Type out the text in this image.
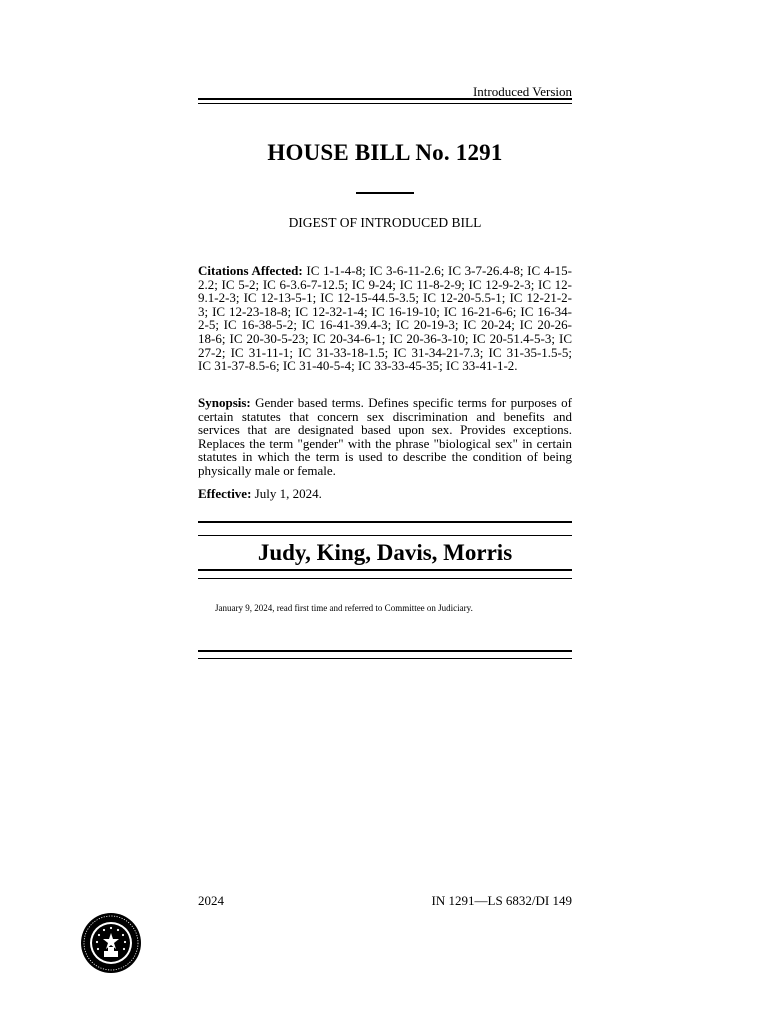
Introduced Version
HOUSE BILL No. 1291
DIGEST OF INTRODUCED BILL
Citations Affected: IC 1-1-4-8; IC 3-6-11-2.6; IC 3-7-26.4-8; IC 4-15-2.2; IC 5-2; IC 6-3.6-7-12.5; IC 9-24; IC 11-8-2-9; IC 12-9-2-3; IC 12-9.1-2-3; IC 12-13-5-1; IC 12-15-44.5-3.5; IC 12-20-5.5-1; IC 12-21-2-3; IC 12-23-18-8; IC 12-32-1-4; IC 16-19-10; IC 16-21-6-6; IC 16-34-2-5; IC 16-38-5-2; IC 16-41-39.4-3; IC 20-19-3; IC 20-24; IC 20-26-18-6; IC 20-30-5-23; IC 20-34-6-1; IC 20-36-3-10; IC 20-51.4-5-3; IC 27-2; IC 31-11-1; IC 31-33-18-1.5; IC 31-34-21-7.3; IC 31-35-1.5-5; IC 31-37-8.5-6; IC 31-40-5-4; IC 33-33-45-35; IC 33-41-1-2.
Synopsis: Gender based terms. Defines specific terms for purposes of certain statutes that concern sex discrimination and benefits and services that are designated based upon sex. Provides exceptions. Replaces the term "gender" with the phrase "biological sex" in certain statutes in which the term is used to describe the condition of being physically male or female.
Effective: July 1, 2024.
Judy, King, Davis, Morris
January 9, 2024, read first time and referred to Committee on Judiciary.
2024	IN 1291—LS 6832/DI 149
